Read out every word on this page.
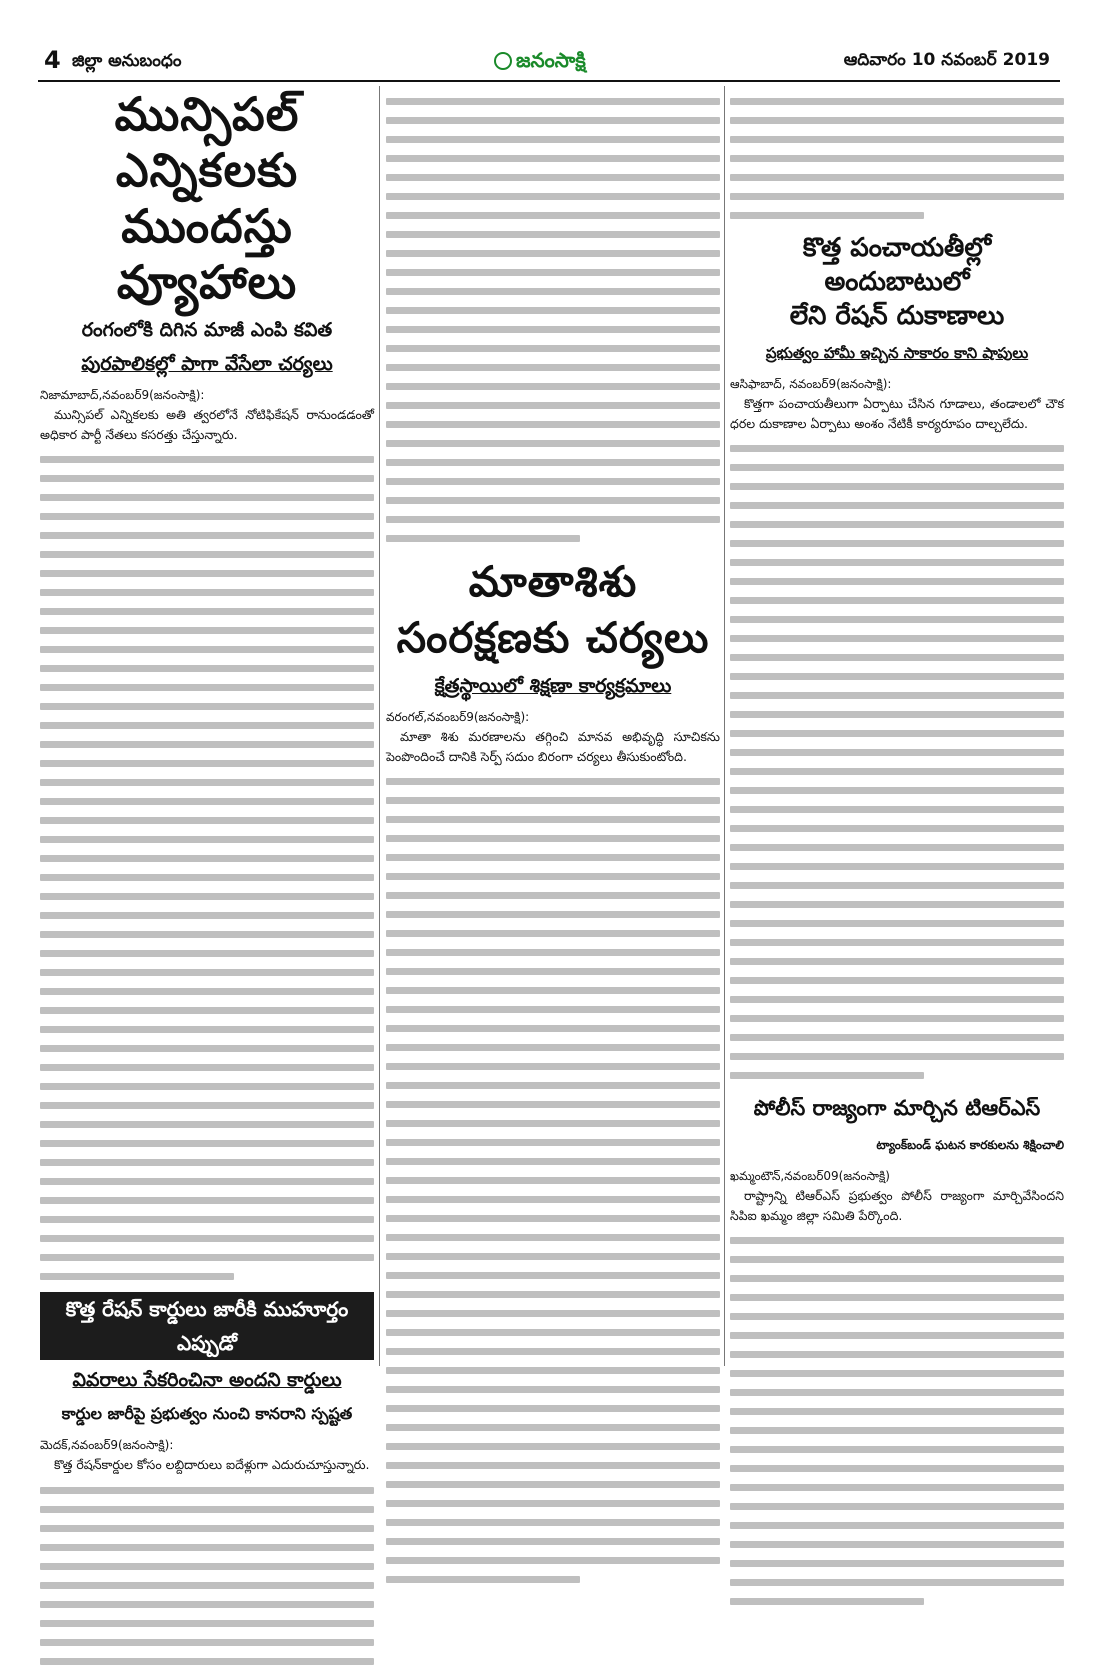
4 జిల్లా అనుబంధం	జనంసాక్షి	ఆదివారం 10 నవంబర్ 2019
మున్సిపల్ ఎన్నికలకు
ముందస్తు వ్యూహాలు
రంగంలోకి దిగిన మాజీ ఎంపి కవిత
పురపాలికల్లో పాగా వేసేలా చర్యలు
నిజామాబాద్,నవంబర్9(జనంసాక్షి):

మున్సిపల్ ఎన్నికలకు అతి త్వరలోనే నోటిఫికేషన్ రానుండడంతో అధికార పార్టీ నేతలు కసరత్తు చేస్తున్నారు.

కొత్త రేషన్ కార్డులు జారీకి ముహూర్తం ఎప్పుడో
వివరాలు సేకరించినా అందని కార్డులు
కార్డుల జారీపై ప్రభుత్వం నుంచి కానరాని స్పష్టత
మెదక్,నవంబర్9(జనంసాక్షి):

కొత్త రేషన్‌కార్డుల కోసం లబ్దిదారులు ఐదేళ్లుగా ఎదురుచూస్తున్నారు.

మాతాశిశు
సంరక్షణకు చర్యలు
క్షేత్రస్థాయిలో శిక్షణా కార్యక్రమాలు
వరంగల్,నవంబర్9(జనంసాక్షి):

మాతా శిశు మరణాలను తగ్గించి మానవ అభివృద్ధి సూచికను పెంపొందించే దానికి సెర్ప్ సదుం బిరంగా చర్యలు తీసుకుంటోంది.

కొత్త పంచాయతీల్లో అందుబాటులో
లేని రేషన్ దుకాణాలు
ప్రభుత్వం హామీ ఇచ్చిన సాకారం కాని షాపులు
ఆసిఫాబాద్, నవంబర్9(జనంసాక్షి):

కొత్తగా పంచాయతీలుగా ఏర్పాటు చేసిన గూడాలు, తండాలలో చౌక ధరల దుకాణాల ఏర్పాటు అంశం నేటికీ కార్యరూపం దాల్చలేదు.

పోలీస్ రాజ్యంగా మార్చిన టిఆర్ఎస్
ట్యాంక్‌బండ్ ఘటన కారకులను శిక్షించాలి
ఖమ్మంటౌన్,నవంబర్09(జనంసాక్షి)

రాష్ట్రాన్ని టిఆర్ఎస్ ప్రభుత్వం పోలీస్ రాజ్యంగా మార్చివేసిందని సిపిఐ ఖమ్మం జిల్లా సమితి పేర్కొంది.
